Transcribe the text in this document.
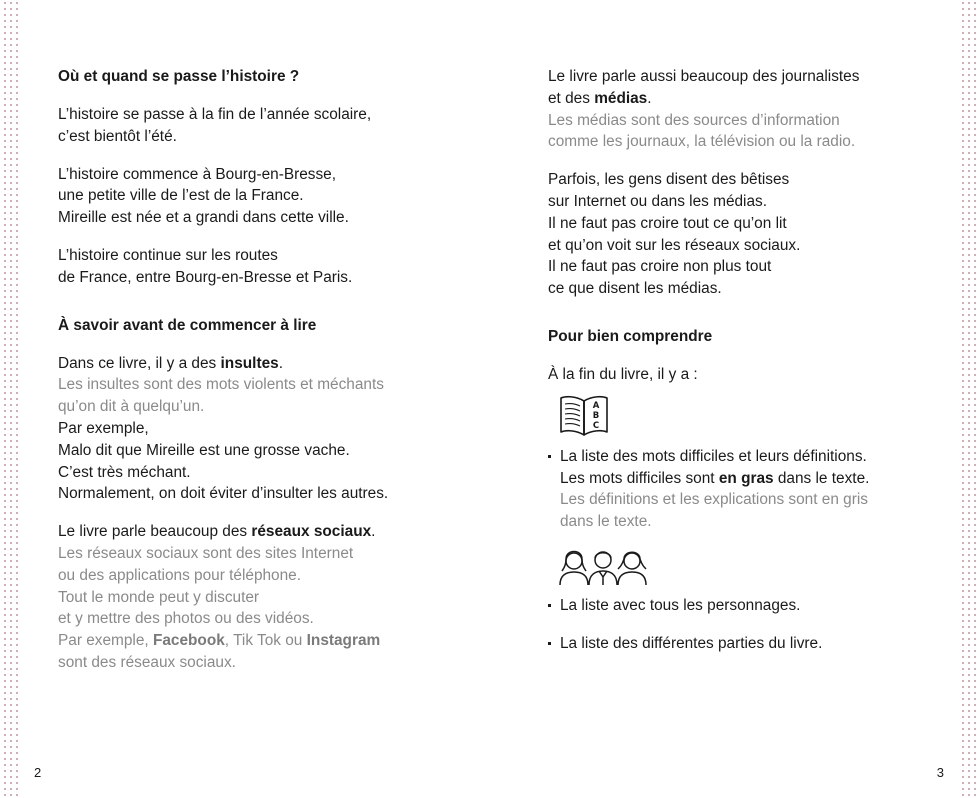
Où et quand se passe l’histoire ?

L’histoire se passe à la fin de l’année scolaire,
c’est bientôt l’été.

L’histoire commence à Bourg-en-Bresse,
une petite ville de l’est de la France.
Mireille est née et a grandi dans cette ville.

L’histoire continue sur les routes
de France, entre Bourg-en-Bresse et Paris.

À savoir avant de commencer à lire

Dans ce livre, il y a des insultes.
Les insultes sont des mots violents et méchants
qu’on dit à quelqu’un.
Par exemple,
Malo dit que Mireille est une grosse vache.
C’est très méchant.
Normalement, on doit éviter d’insulter les autres.

Le livre parle beaucoup des réseaux sociaux.
Les réseaux sociaux sont des sites Internet
ou des applications pour téléphone.
Tout le monde peut y discuter
et y mettre des photos ou des vidéos.
Par exemple, Facebook, Tik Tok ou Instagram
sont des réseaux sociaux.

2

Le livre parle aussi beaucoup des journalistes
et des médias.
Les médias sont des sources d’information
comme les journaux, la télévision ou la radio.

Parfois, les gens disent des bêtises
sur Internet ou dans les médias.
Il ne faut pas croire tout ce qu’on lit
et qu’on voit sur les réseaux sociaux.
Il ne faut pas croire non plus tout
ce que disent les médias.

Pour bien comprendre

À la fin du livre, il y a :

A
B
C
La liste des mots difficiles et leurs définitions.
Les mots difficiles sont en gras dans le texte.
Les définitions et les explications sont en gris
dans le texte.
La liste avec tous les personnages.
La liste des différentes parties du livre.
3
